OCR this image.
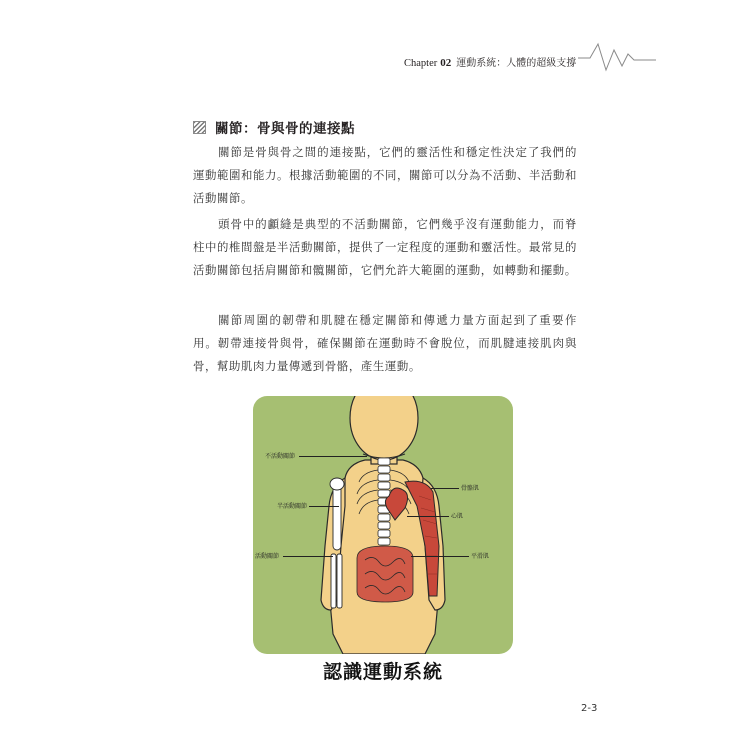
Chapter 02 運動系統：人體的超級支撐
關節：骨與骨的連接點

關節是骨與骨之間的連接點，它們的靈活性和穩定性決定了我們的運動範圍和能力。根據活動範圍的不同，關節可以分為不活動、半活動和活動關節。

頭骨中的顱縫是典型的不活動關節，它們幾乎沒有運動能力，而脊柱中的椎間盤是半活動關節，提供了一定程度的運動和靈活性。最常見的活動關節包括肩關節和髖關節，它們允許大範圍的運動，如轉動和擺動。

關節周圍的韌帶和肌腱在穩定關節和傳遞力量方面起到了重要作用。韌帶連接骨與骨，確保關節在運動時不會脫位，而肌腱連接肌肉與骨，幫助肌肉力量傳遞到骨骼，產生運動。

不活動關節
半活動關節
活動關節
骨骼肌
心肌
平滑肌
認識運動系統
2-3
